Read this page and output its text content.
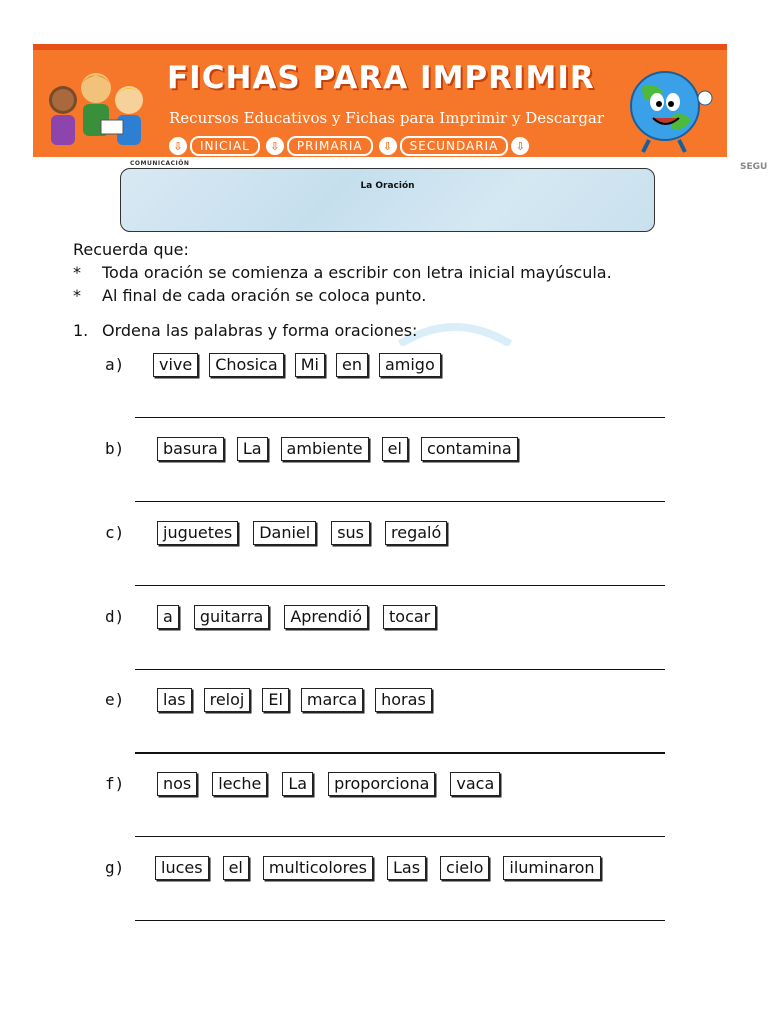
FICHAS PARA IMPRIMIR
Recursos Educativos y Fichas para Imprimir y Descargar
⇩	INICIAL	⇩	PRIMARIA	⇩	SECUNDARIA	⇩
SEGU
COMUNICACIÓN
La Oración
Recuerda que:
*	Toda oración se comienza a escribir con letra inicial mayúscula.
*	Al final de cada oración se coloca punto.
1. Ordena las palabras y forma oraciones:
a)	vive	Chosica	Mi	en	amigo
b)	basura	La	ambiente	el	contamina
c)	juguetes	Daniel	sus	regaló
d)	a	guitarra	Aprendió	tocar
e)	las	reloj	El	marca	horas
f)	nos	leche	La	proporciona	vaca
g)	luces	el	multicolores	Las	cielo	iluminaron
